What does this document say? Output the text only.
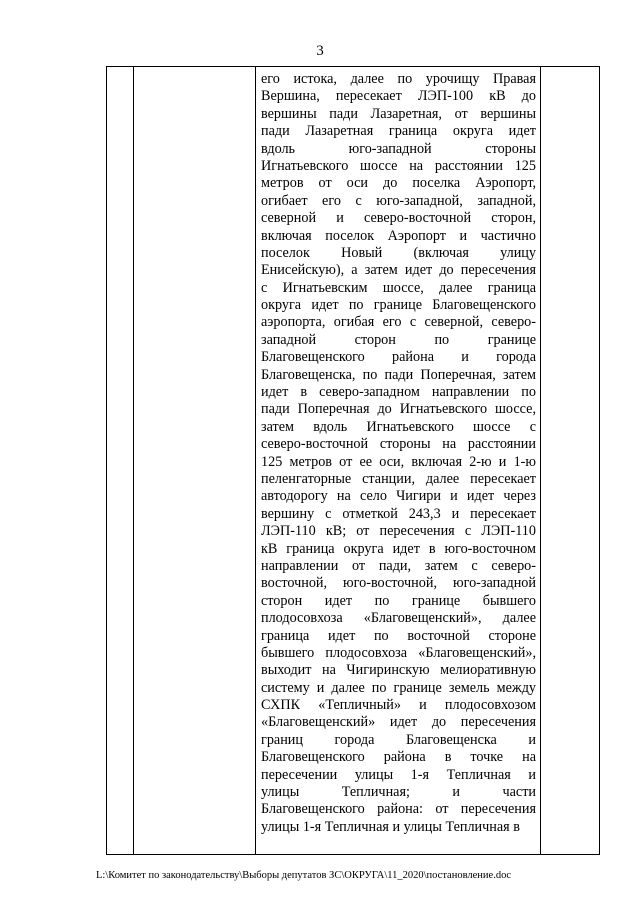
3

его истока, далее по урочищу Правая
Вершина, пересекает ЛЭП-100 кВ до
вершины пади Лазаретная, от вершины
пади Лазаретная граница округа идет
вдоль юго-западной стороны
Игнатьевского шоссе на расстоянии 125
метров от оси до поселка Аэропорт,
огибает его с юго-западной, западной,
северной и северо-восточной сторон,
включая поселок Аэропорт и частично
поселок Новый (включая улицу
Енисейскую), а затем идет до пересечения
с Игнатьевским шоссе, далее граница
округа идет по границе Благовещенского
аэропорта, огибая его с северной, северо-
западной сторон по границе
Благовещенского района и города
Благовещенска, по пади Поперечная, затем
идет в северо-западном направлении по
пади Поперечная до Игнатьевского шоссе,
затем вдоль Игнатьевского шоссе с
северо-восточной стороны на расстоянии
125 метров от ее оси, включая 2-ю и 1-ю
пеленгаторные станции, далее пересекает
автодорогу на село Чигири и идет через
вершину с отметкой 243,3 и пересекает
ЛЭП-110 кВ; от пересечения с ЛЭП-110
кВ граница округа идет в юго-восточном
направлении от пади, затем с северо-
восточной, юго-восточной, юго-западной
сторон идет по границе бывшего
плодосовхоза «Благовещенский», далее
граница идет по восточной стороне
бывшего плодосовхоза «Благовещенский»,
выходит на Чигиринскую мелиоративную
систему и далее по границе земель между
СХПК «Тепличный» и плодосовхозом
«Благовещенский» идет до пересечения
границ города Благовещенска и
Благовещенского района в точке на
пересечении улицы 1-я Тепличная и
улицы Тепличная; и части
Благовещенского района: от пересечения
улицы 1-я Тепличная и улицы Тепличная в

L:\Комитет по законодательству\Выборы депутатов ЗС\ОКРУГА\11_2020\постановление.doc
